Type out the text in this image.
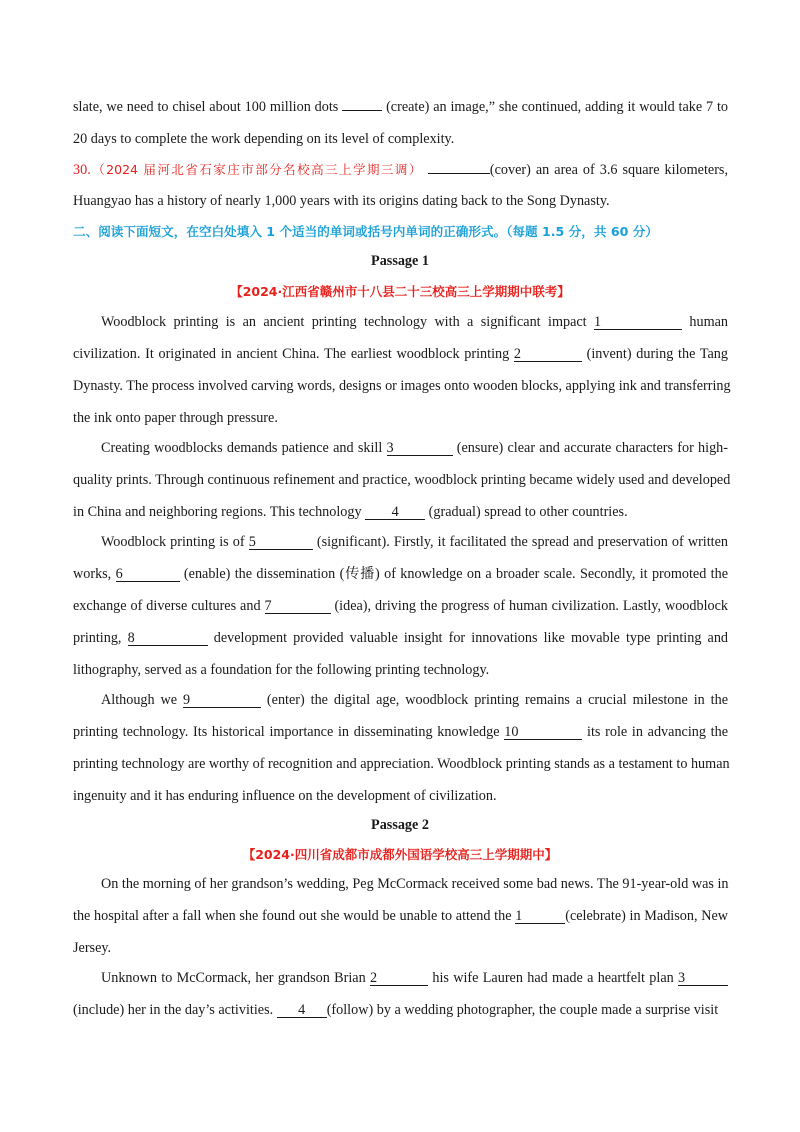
slate, we need to chisel about 100 million dots	(create) an image,” she continued, adding it would take 7 to
20 days to complete the work depending on its level of complexity.
30.（2024 届河北省石家庄市部分名校高三上学期三调）	(cover) an area of 3.6 square kilometers,
Huangyao has a history of nearly 1,000 years with its origins dating back to the Song Dynasty.
二、阅读下面短文，在空白处填入 1 个适当的单词或括号内单词的正确形式。（每题 1.5 分，共 60 分）
Passage 1
【2024·江西省赣州市十八县二十三校高三上学期期中联考】
Woodblock printing is an ancient printing technology with a significant impact 1	human
civilization. It originated in ancient China. The earliest woodblock printing 2	(invent) during the Tang
Dynasty. The process involved carving words, designs or images onto wooden blocks, applying ink and transferring
the ink onto paper through pressure.
Creating woodblocks demands patience and skill 3	(ensure) clear and accurate characters for high-
quality prints. Through continuous refinement and practice, woodblock printing became widely used and developed
in China and neighboring regions. This technology 4 (gradual) spread to other countries.
Woodblock printing is of 5	(significant). Firstly, it facilitated the spread and preservation of written
works, 6	(enable) the dissemination (传播) of knowledge on a broader scale. Secondly, it promoted the
exchange of diverse cultures and 7	(idea), driving the progress of human civilization. Lastly, woodblock
printing, 8	development provided valuable insight for innovations like movable type printing and
lithography, served as a foundation for the following printing technology.
Although we 9	(enter) the digital age, woodblock printing remains a crucial milestone in the
printing technology. Its historical importance in disseminating knowledge 10	its role in advancing the
printing technology are worthy of recognition and appreciation. Woodblock printing stands as a testament to human
ingenuity and it has enduring influence on the development of civilization.
Passage 2
【2024·四川省成都市成都外国语学校高三上学期期中】
On the morning of her grandson’s wedding, Peg McCormack received some bad news. The 91-year-old was in
the hospital after a fall when she found out she would be unable to attend the 1	(celebrate) in Madison, New
Jersey.
Unknown to McCormack, her grandson Brian 2	his wife Lauren had made a heartfelt plan 3
(include) her in the day’s activities. 4 (follow) by a wedding photographer, the couple made a surprise visit
